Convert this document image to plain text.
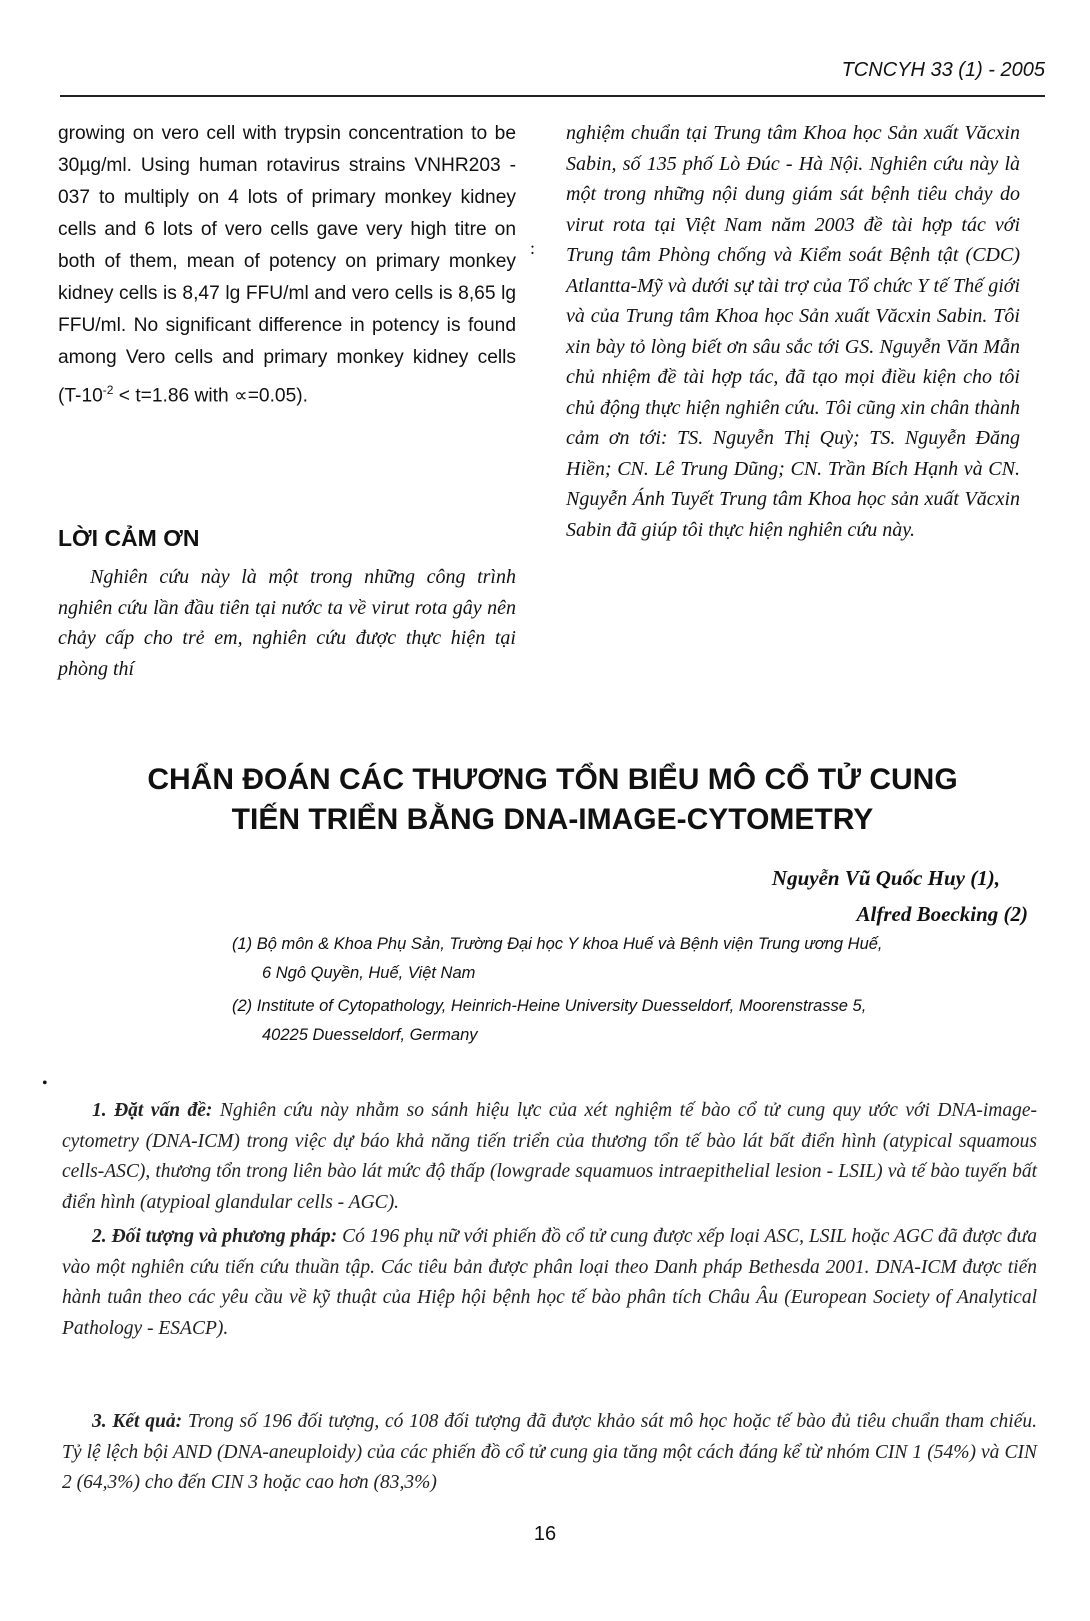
TCNCYH 33 (1) - 2005
growing on vero cell with trypsin concentration to be 30µg/ml. Using human rotavirus strains VNHR203 - 037 to multiply on 4 lots of primary monkey kidney cells and 6 lots of vero cells gave very high titre on both of them, mean of potency on primary monkey kidney cells is 8,47 lg FFU/ml and vero cells is 8,65 lg FFU/ml. No significant difference in potency is found among Vero cells and primary monkey kidney cells ($T-10^{-2} < t=1.86$ with ∝=0.05).
LỜI CẢM ƠN
Nghiên cứu này là một trong những công trình nghiên cứu lần đầu tiên tại nước ta về virut rota gây nên chảy cấp cho trẻ em, nghiên cứu được thực hiện tại phòng thí
:
nghiệm chuẩn tại Trung tâm Khoa học Sản xuất Văcxin Sabin, số 135 phố Lò Đúc - Hà Nội. Nghiên cứu này là một trong những nội dung giám sát bệnh tiêu chảy do virut rota tại Việt Nam năm 2003 đề tài hợp tác với Trung tâm Phòng chống và Kiểm soát Bệnh tật (CDC) Atlantta-Mỹ và dưới sự tài trợ của Tổ chức Y tế Thế giới và của Trung tâm Khoa học Sản xuất Văcxin Sabin. Tôi xin bày tỏ lòng biết ơn sâu sắc tới GS. Nguyễn Văn Mẫn chủ nhiệm đề tài hợp tác, đã tạo mọi điều kiện cho tôi chủ động thực hiện nghiên cứu. Tôi cũng xin chân thành cảm ơn tới: TS. Nguyễn Thị Quỳ; TS. Nguyễn Đăng Hiền; CN. Lê Trung Dũng; CN. Trần Bích Hạnh và CN. Nguyễn Ánh Tuyết Trung tâm Khoa học sản xuất Văcxin Sabin đã giúp tôi thực hiện nghiên cứu này.
CHẨN ĐOÁN CÁC THƯƠNG TỔN BIỂU MÔ CỔ TỬ CUNG
TIẾN TRIỂN BẰNG DNA-IMAGE-CYTOMETRY
Nguyễn Vũ Quốc Huy (1),
Alfred Boecking (2)
(1) Bộ môn & Khoa Phụ Sản, Trường Đại học Y khoa Huế và Bệnh viện Trung ương Huế,
6 Ngô Quyền, Huế, Việt Nam
(2) Institute of Cytopathology, Heinrich-Heine University Duesseldorf, Moorenstrasse 5,
40225 Duesseldorf, Germany
•
1. Đặt vấn đề: Nghiên cứu này nhằm so sánh hiệu lực của xét nghiệm tế bào cổ tử cung quy ước với DNA-image-cytometry (DNA-ICM) trong việc dự báo khả năng tiến triển của thương tổn tế bào lát bất điển hình (atypical squamous cells-ASC), thương tổn trong liên bào lát mức độ thấp (lowgrade squamuos intraepithelial lesion - LSIL) và tế bào tuyến bất điển hình (atypioal glandular cells - AGC).
2. Đối tượng và phương pháp: Có 196 phụ nữ với phiến đồ cổ tử cung được xếp loại ASC, LSIL hoặc AGC đã được đưa vào một nghiên cứu tiến cứu thuần tập. Các tiêu bản được phân loại theo Danh pháp Bethesda 2001. DNA-ICM được tiến hành tuân theo các yêu cầu về kỹ thuật của Hiệp hội bệnh học tế bào phân tích Châu Âu (European Society of Analytical Pathology - ESACP).
3. Kết quả: Trong số 196 đối tượng, có 108 đối tượng đã được khảo sát mô học hoặc tế bào đủ tiêu chuẩn tham chiếu. Tỷ lệ lệch bội AND (DNA-aneuploidy) của các phiến đồ cổ tử cung gia tăng một cách đáng kể từ nhóm CIN 1 (54%) và CIN 2 (64,3%) cho đến CIN 3 hoặc cao hơn (83,3%)
16
